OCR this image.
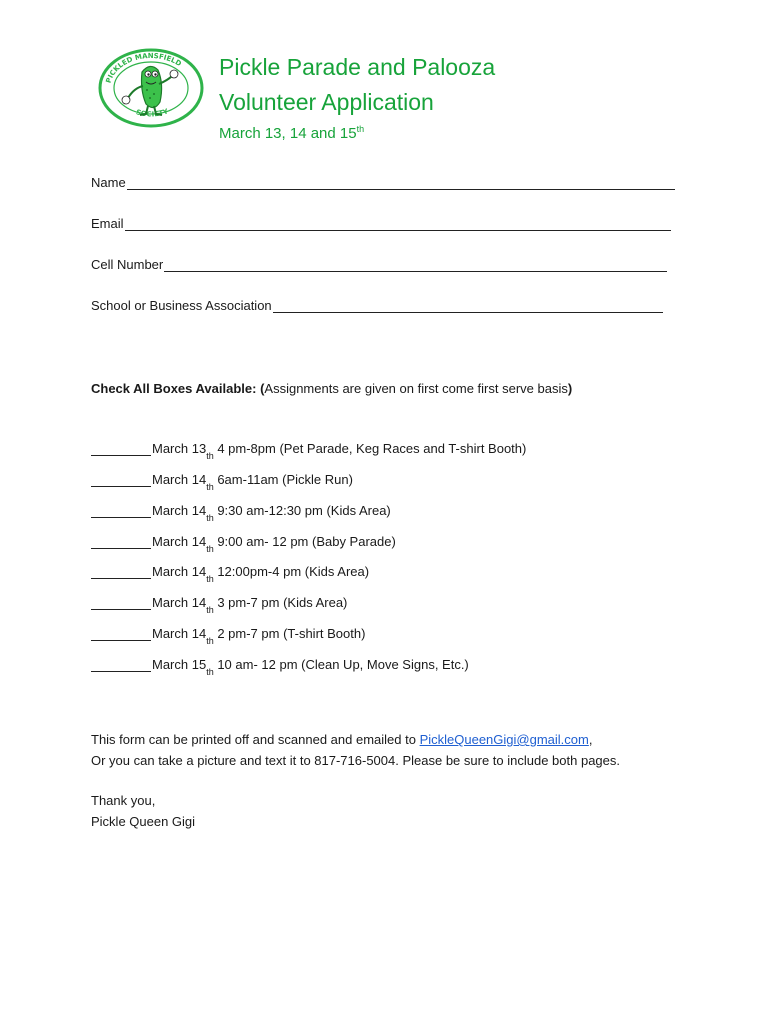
PICKLED MANSFIELD
SOCIETY
Pickle Parade and Palooza
Volunteer Application
March 13, 14 and 15th
Name
Email
Cell Number
School or Business Association
Check All Boxes Available: (Assignments are given on first come first serve basis)
March 13 th 4 pm-8pm (Pet Parade, Keg Races and T-shirt Booth)
March 14 th 6am-11am (Pickle Run)
March 14 th 9:30 am-12:30 pm (Kids Area)
March 14 th 9:00 am- 12 pm (Baby Parade)
March 14 th 12:00pm-4 pm (Kids Area)
March 14 th 3 pm-7 pm (Kids Area)
March 14 th 2 pm-7 pm (T-shirt Booth)
March 15 th 10 am- 12 pm (Clean Up, Move Signs, Etc.)
This form can be printed off and scanned and emailed to PickleQueenGigi@gmail.com,
Or you can take a picture and text it to 817-716-5004. Please be sure to include both pages.
Thank you,
Pickle Queen Gigi
